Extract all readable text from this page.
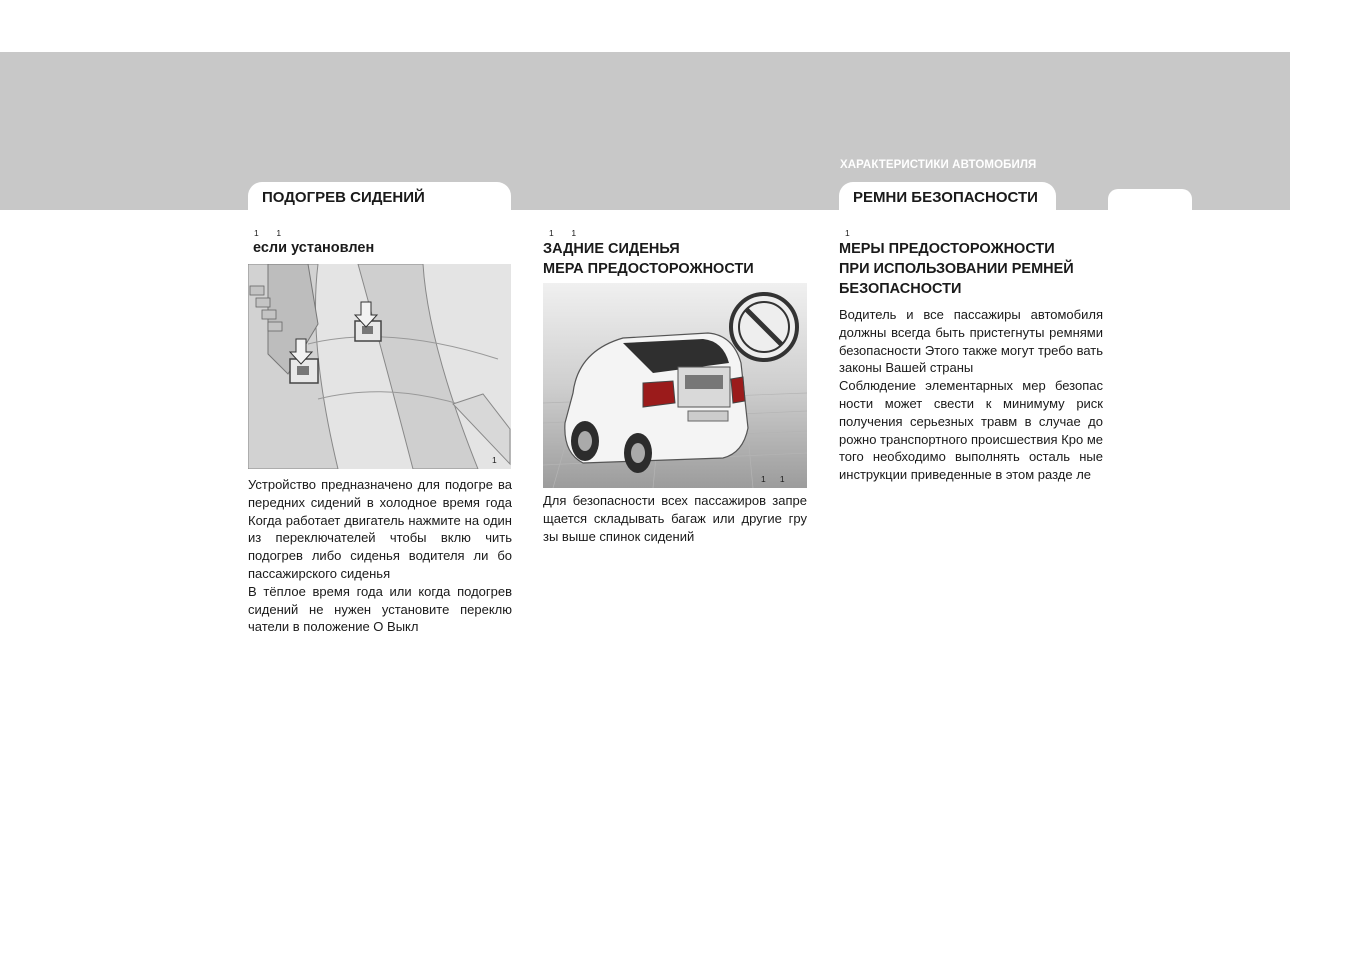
ХАРАКТЕРИСТИКИ АВТОМОБИЛЯ
ПОДОГРЕВ СИДЕНИЙ	РЕМНИ БЕЗОПАСНОСТИ
1      1
если установлен
1

Устройство предназначено для подогре ва передних сидений в холодное время года Когда работает двигатель нажмите на один из переключателей чтобы вклю чить подогрев либо сиденья водителя ли бо пассажирского сиденья

В тёплое время года или когда подогрев сидений не нужен установите переклю чатели в положение О Выкл

1      1
ЗАДНИЕ СИДЕНЬЯ
МЕРА ПРЕДОСТОРОЖНОСТИ
1      1

Для безопасности всех пассажиров запре щается складывать багаж или другие гру зы выше спинок сидений

1
МЕРЫ ПРЕДОСТОРОЖНОСТИ
ПРИ ИСПОЛЬЗОВАНИИ РЕМНЕЙ
БЕЗОПАСНОСТИ

Водитель и все пассажиры автомобиля должны всегда быть пристегнуты ремнями безопасности Этого также могут требо вать законы Вашей страны

Соблюдение элементарных мер безопас ности может свести к минимуму риск получения серьезных травм в случае до рожно транспортного происшествия Кро ме того необходимо выполнять осталь ные инструкции приведенные в этом разде ле
